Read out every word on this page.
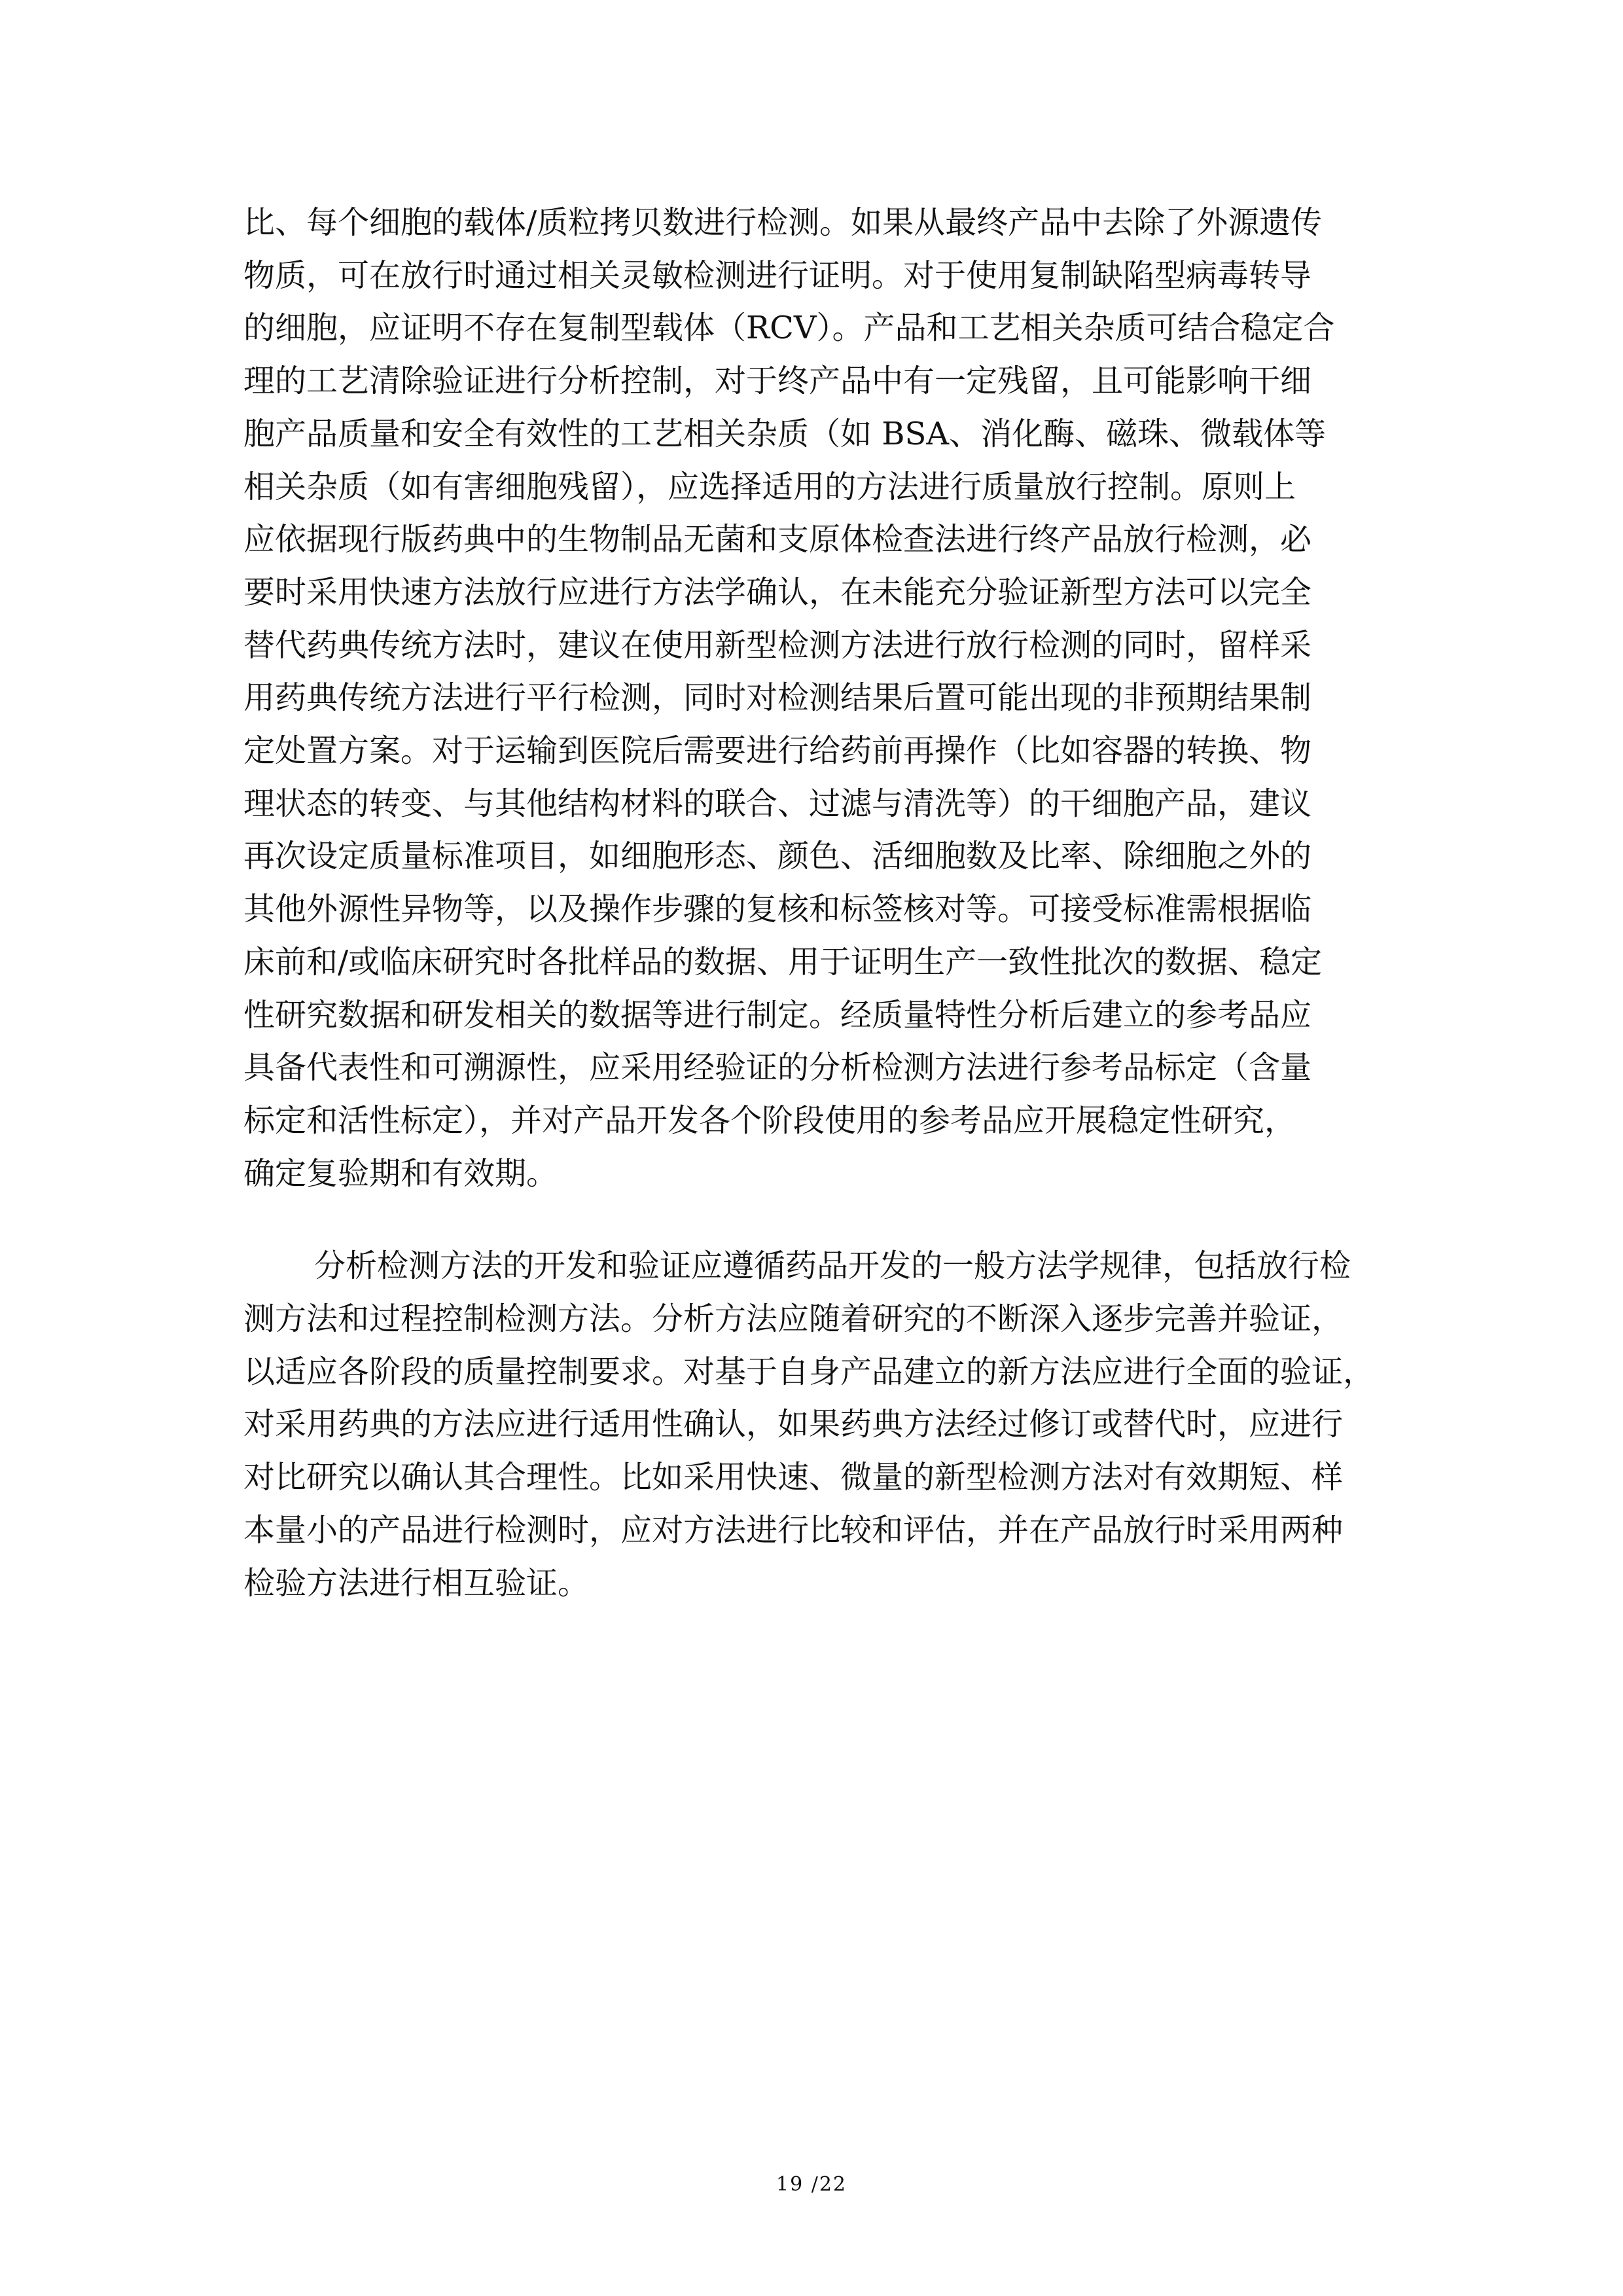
比、每个细胞的载体/质粒拷贝数进行检测。如果从最终产品中去除了外源遗传
物质，可在放行时通过相关灵敏检测进行证明。对于使用复制缺陷型病毒转导
的细胞，应证明不存在复制型载体（RCV）。产品和工艺相关杂质可结合稳定合
理的工艺清除验证进行分析控制，对于终产品中有一定残留，且可能影响干细
胞产品质量和安全有效性的工艺相关杂质（如 BSA、消化酶、磁珠、微载体等
相关杂质（如有害细胞残留），应选择适用的方法进行质量放行控制。原则上
应依据现行版药典中的生物制品无菌和支原体检查法进行终产品放行检测，必
要时采用快速方法放行应进行方法学确认，在未能充分验证新型方法可以完全
替代药典传统方法时，建议在使用新型检测方法进行放行检测的同时，留样采
用药典传统方法进行平行检测，同时对检测结果后置可能出现的非预期结果制
定处置方案。对于运输到医院后需要进行给药前再操作（比如容器的转换、物
理状态的转变、与其他结构材料的联合、过滤与清洗等）的干细胞产品，建议
再次设定质量标准项目，如细胞形态、颜色、活细胞数及比率、除细胞之外的
其他外源性异物等，以及操作步骤的复核和标签核对等。可接受标准需根据临
床前和/或临床研究时各批样品的数据、用于证明生产一致性批次的数据、稳定
性研究数据和研发相关的数据等进行制定。经质量特性分析后建立的参考品应
具备代表性和可溯源性，应采用经验证的分析检测方法进行参考品标定（含量
标定和活性标定），并对产品开发各个阶段使用的参考品应开展稳定性研究，
确定复验期和有效期。

分析检测方法的开发和验证应遵循药品开发的一般方法学规律，包括放行检
测方法和过程控制检测方法。分析方法应随着研究的不断深入逐步完善并验证，
以适应各阶段的质量控制要求。对基于自身产品建立的新方法应进行全面的验证，
对采用药典的方法应进行适用性确认，如果药典方法经过修订或替代时，应进行
对比研究以确认其合理性。比如采用快速、微量的新型检测方法对有效期短、样
本量小的产品进行检测时，应对方法进行比较和评估，并在产品放行时采用两种
检验方法进行相互验证。

19 /22
